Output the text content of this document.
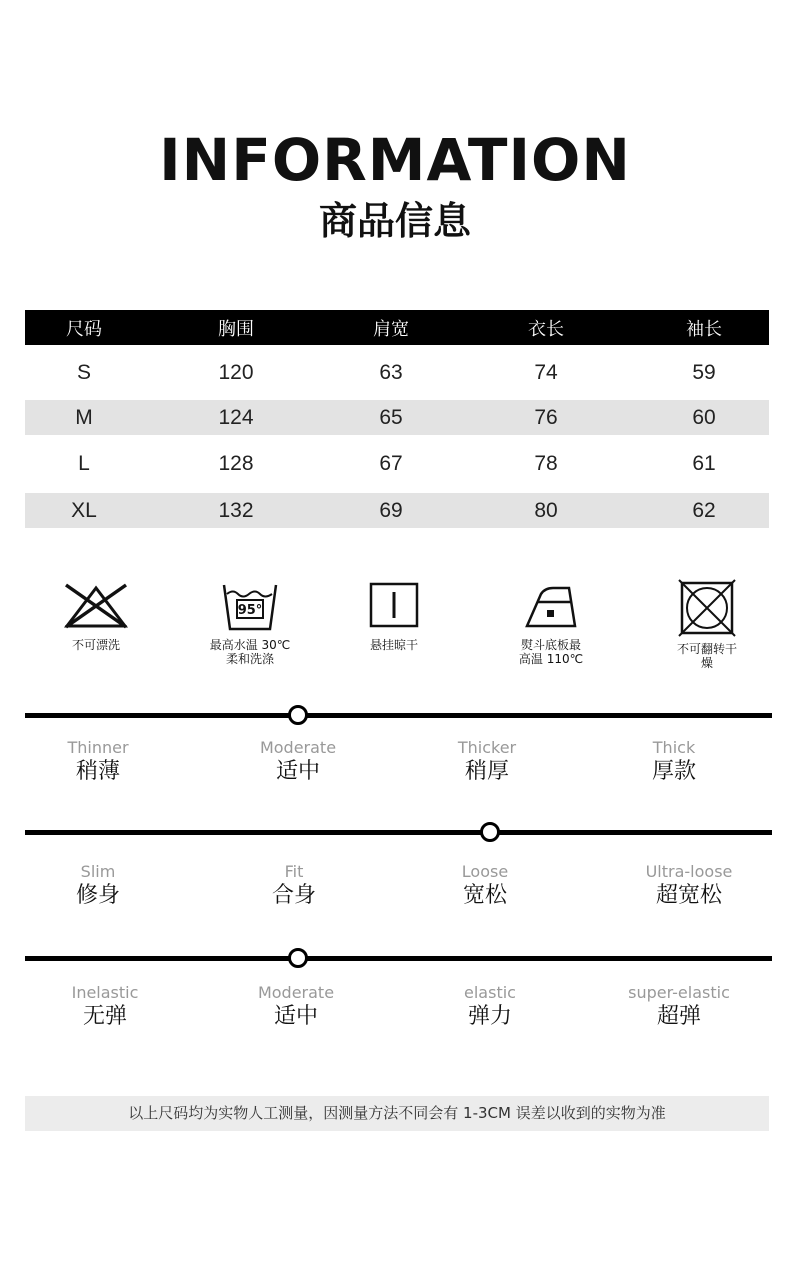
INFORMATION
商品信息
尺码	胸围	肩宽	衣长	袖长
S	120	63	74	59
M	124	65	76	60
L	128	67	78	61
XL	132	69	80	62
不可漂洗
95°
最高水温 30℃
柔和洗涤
悬挂晾干	熨斗底板最
高温 110℃
不可翻转干
燥
Thinner
稍薄
Moderate
适中
Thicker
稍厚
Thick
厚款
Slim
修身
Fit
合身
Loose
宽松
Ultra-loose
超宽松
Inelastic
无弹
Moderate
适中
elastic
弹力
super-elastic
超弹
以上尺码均为实物人工测量，因测量方法不同会有 1-3CM 误差以收到的实物为准
